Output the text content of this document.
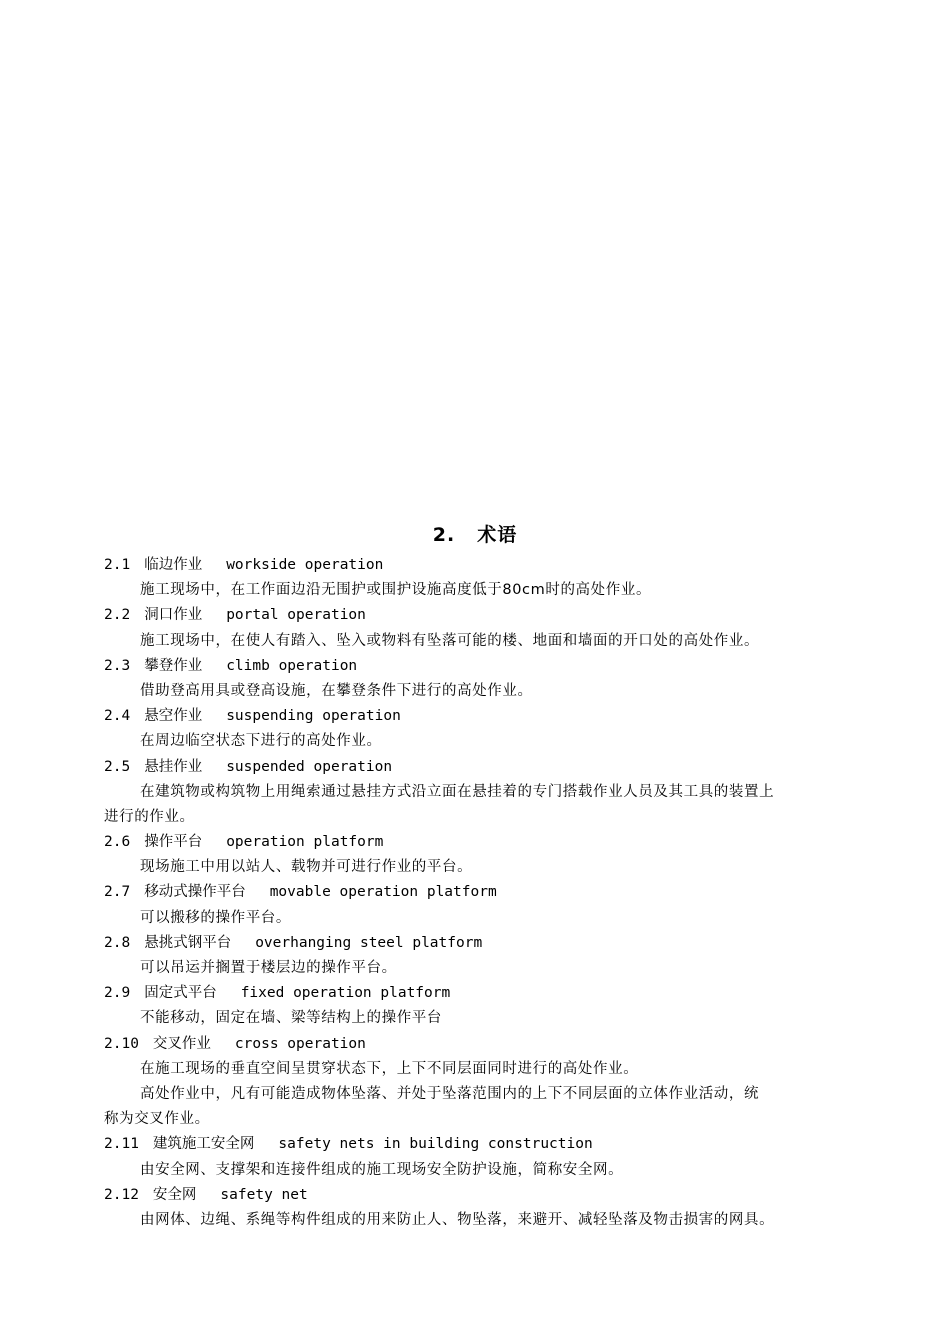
2. 术语
2.1 临边作业 workside operation
施工现场中，在工作面边沿无围护或围护设施高度低于80cm时的高处作业。
2.2 洞口作业 portal operation
施工现场中，在使人有踏入、坠入或物料有坠落可能的楼、地面和墙面的开口处的高处作业。
2.3 攀登作业 climb operation
借助登高用具或登高设施，在攀登条件下进行的高处作业。
2.4 悬空作业 suspending operation
在周边临空状态下进行的高处作业。
2.5 悬挂作业 suspended operation
在建筑物或构筑物上用绳索通过悬挂方式沿立面在悬挂着的专门搭载作业人员及其工具的装置上
进行的作业。
2.6 操作平台 operation platform
现场施工中用以站人、载物并可进行作业的平台。
2.7 移动式操作平台 movable operation platform
可以搬移的操作平台。
2.8 悬挑式钢平台 overhanging steel platform
可以吊运并搁置于楼层边的操作平台。
2.9 固定式平台 fixed operation platform
不能移动，固定在墙、梁等结构上的操作平台
2.10 交叉作业 cross operation
在施工现场的垂直空间呈贯穿状态下，上下不同层面同时进行的高处作业。
高处作业中，凡有可能造成物体坠落、并处于坠落范围内的上下不同层面的立体作业活动，统
称为交叉作业。
2.11 建筑施工安全网 safety nets in building construction
由安全网、支撑架和连接件组成的施工现场安全防护设施，简称安全网。
2.12 安全网 safety net
由网体、边绳、系绳等构件组成的用来防止人、物坠落，来避开、减轻坠落及物击损害的网具。
